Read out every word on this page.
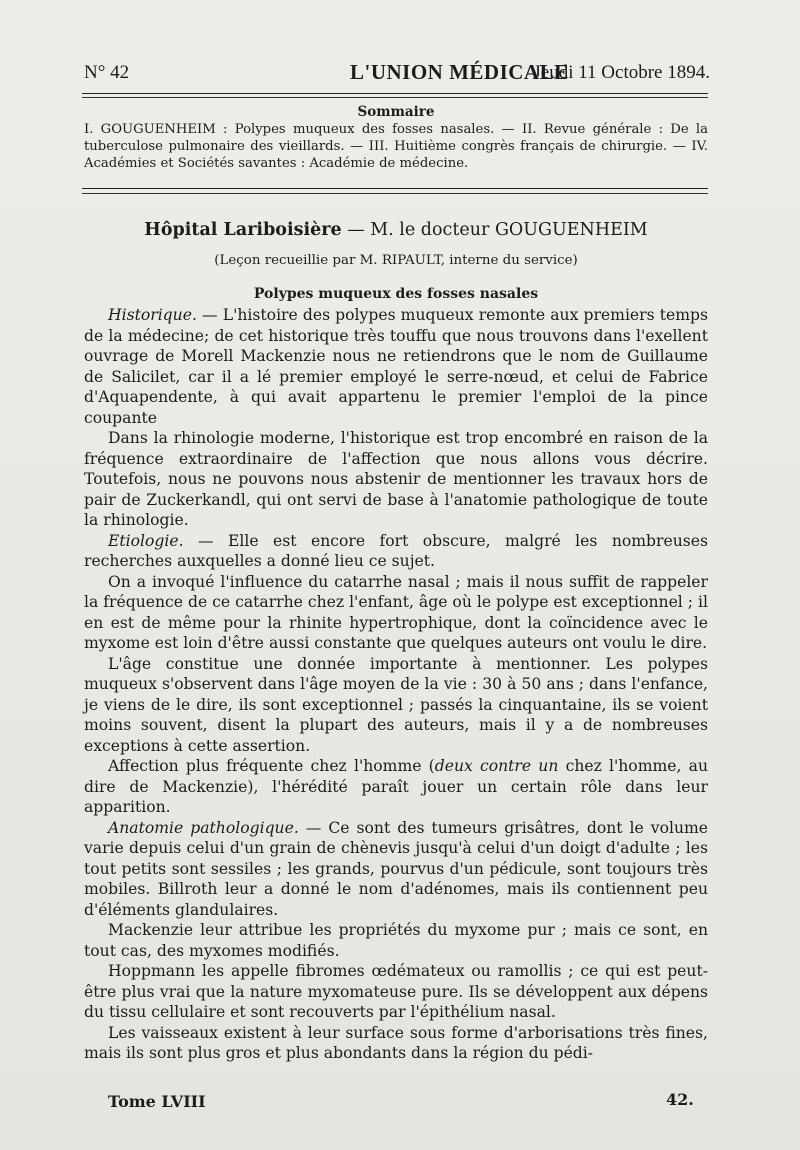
N° 42	L'UNION MÉDICALE
Jeudi 11 Octobre 1894.
Sommaire

I. GOUGUENHEIM : Polypes muqueux des fosses nasales. — II. Revue générale : De la tuberculose pulmonaire des vieillards. — III. Huitième congrès français de chirurgie. — IV. Académies et Sociétés savantes : Académie de médecine.

Hôpital Lariboisière — M. le docteur GOUGUENHEIM
(Leçon recueillie par M. RIPAULT, interne du service)
Polypes muqueux des fosses nasales

Historique. — L'histoire des polypes muqueux remonte aux premiers temps de la médecine; de cet historique très touffu que nous trouvons dans l'exellent ouvrage de Morell Mackenzie nous ne retiendrons que le nom de Guillaume de Salicilet, car il a lé premier employé le serre-nœud, et celui de Fabrice d'Aquapendente, à qui avait appartenu le premier l'emploi de la pince coupante

Dans la rhinologie moderne, l'historique est trop encombré en raison de la fréquence extraordinaire de l'affection que nous allons vous décrire. Toutefois, nous ne pouvons nous abstenir de mentionner les travaux hors de pair de Zuckerkandl, qui ont servi de base à l'anatomie pathologique de toute la rhinologie.

Etiologie. — Elle est encore fort obscure, malgré les nombreuses recherches auxquelles a donné lieu ce sujet.

On a invoqué l'influence du catarrhe nasal ; mais il nous suffit de rappeler la fréquence de ce catarrhe chez l'enfant, âge où le polype est exceptionnel ; il en est de même pour la rhinite hypertrophique, dont la coïncidence avec le myxome est loin d'être aussi constante que quelques auteurs ont voulu le dire.

L'âge constitue une donnée importante à mentionner. Les polypes muqueux s'observent dans l'âge moyen de la vie : 30 à 50 ans ; dans l'enfance, je viens de le dire, ils sont exceptionnel ; passés la cinquantaine, ils se voient moins souvent, disent la plupart des auteurs, mais il y a de nombreuses exceptions à cette assertion.

Affection plus fréquente chez l'homme (deux contre un chez l'homme, au dire de Mackenzie), l'hérédité paraît jouer un certain rôle dans leur apparition.

Anatomie pathologique. — Ce sont des tumeurs grisâtres, dont le volume varie depuis celui d'un grain de chènevis jusqu'à celui d'un doigt d'adulte ; les tout petits sont sessiles ; les grands, pourvus d'un pédicule, sont toujours très mobiles. Billroth leur a donné le nom d'adénomes, mais ils contiennent peu d'éléments glandulaires.

Mackenzie leur attribue les propriétés du myxome pur ; mais ce sont, en tout cas, des myxomes modifiés.

Hoppmann les appelle fibromes œdémateux ou ramollis ; ce qui est peut-être plus vrai que la nature myxomateuse pure. Ils se développent aux dépens du tissu cellulaire et sont recouverts par l'épithélium nasal.

Les vaisseaux existent à leur surface sous forme d'arborisations très fines, mais ils sont plus gros et plus abondants dans la région du pédi-

Tome LVIII	42.
